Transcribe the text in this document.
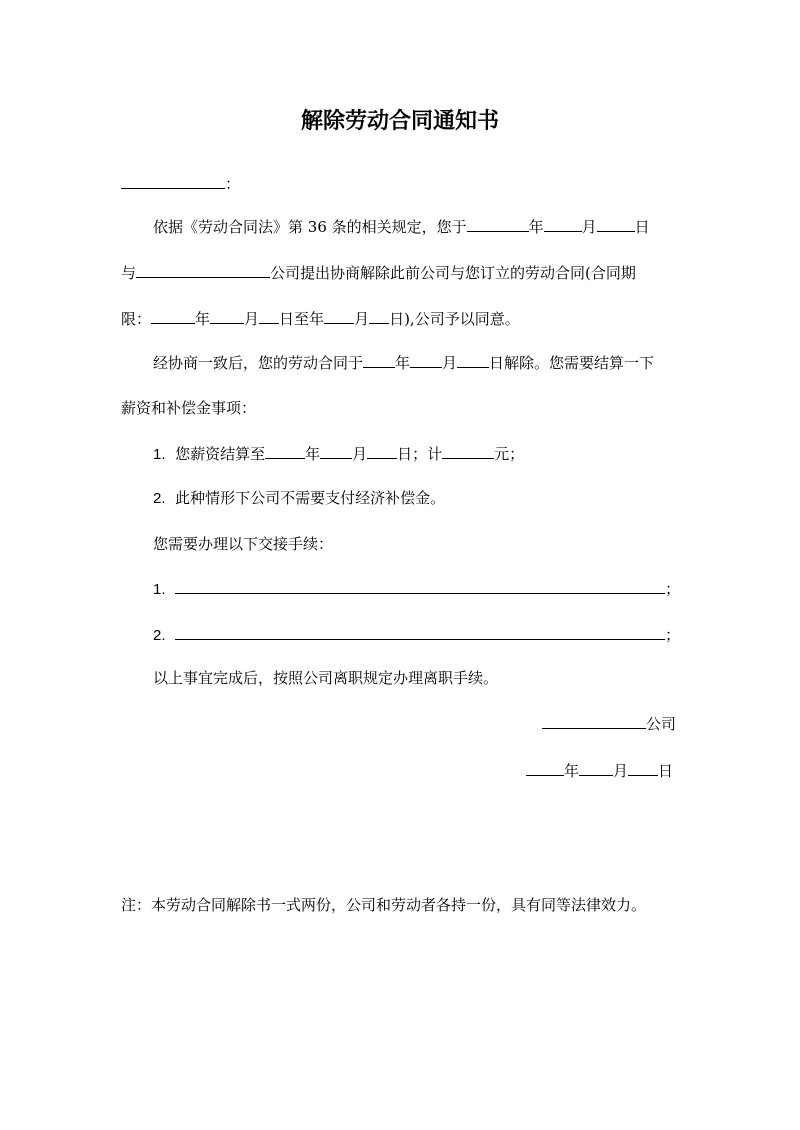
解除劳动合同通知书
：
依据《劳动合同法》第 36 条的相关规定，您于	年	月	日
与	公司提出协商解除此前公司与您订立的劳动合同(合同期
限：	年 月 日至年 月 日),公司予以同意。
经协商一致后，您的劳动合同于 年 月 日解除。您需要结算一下
薪资和补偿金事项：
1. 您薪资结算至	年 月 日；计	元；
2. 此种情形下公司不需要支付经济补偿金。
您需要办理以下交接手续：
1.	；
2.	；
以上事宜完成后，按照公司离职规定办理离职手续。
公司
年 月 日
注：本劳动合同解除书一式两份，公司和劳动者各持一份，具有同等法律效力。
